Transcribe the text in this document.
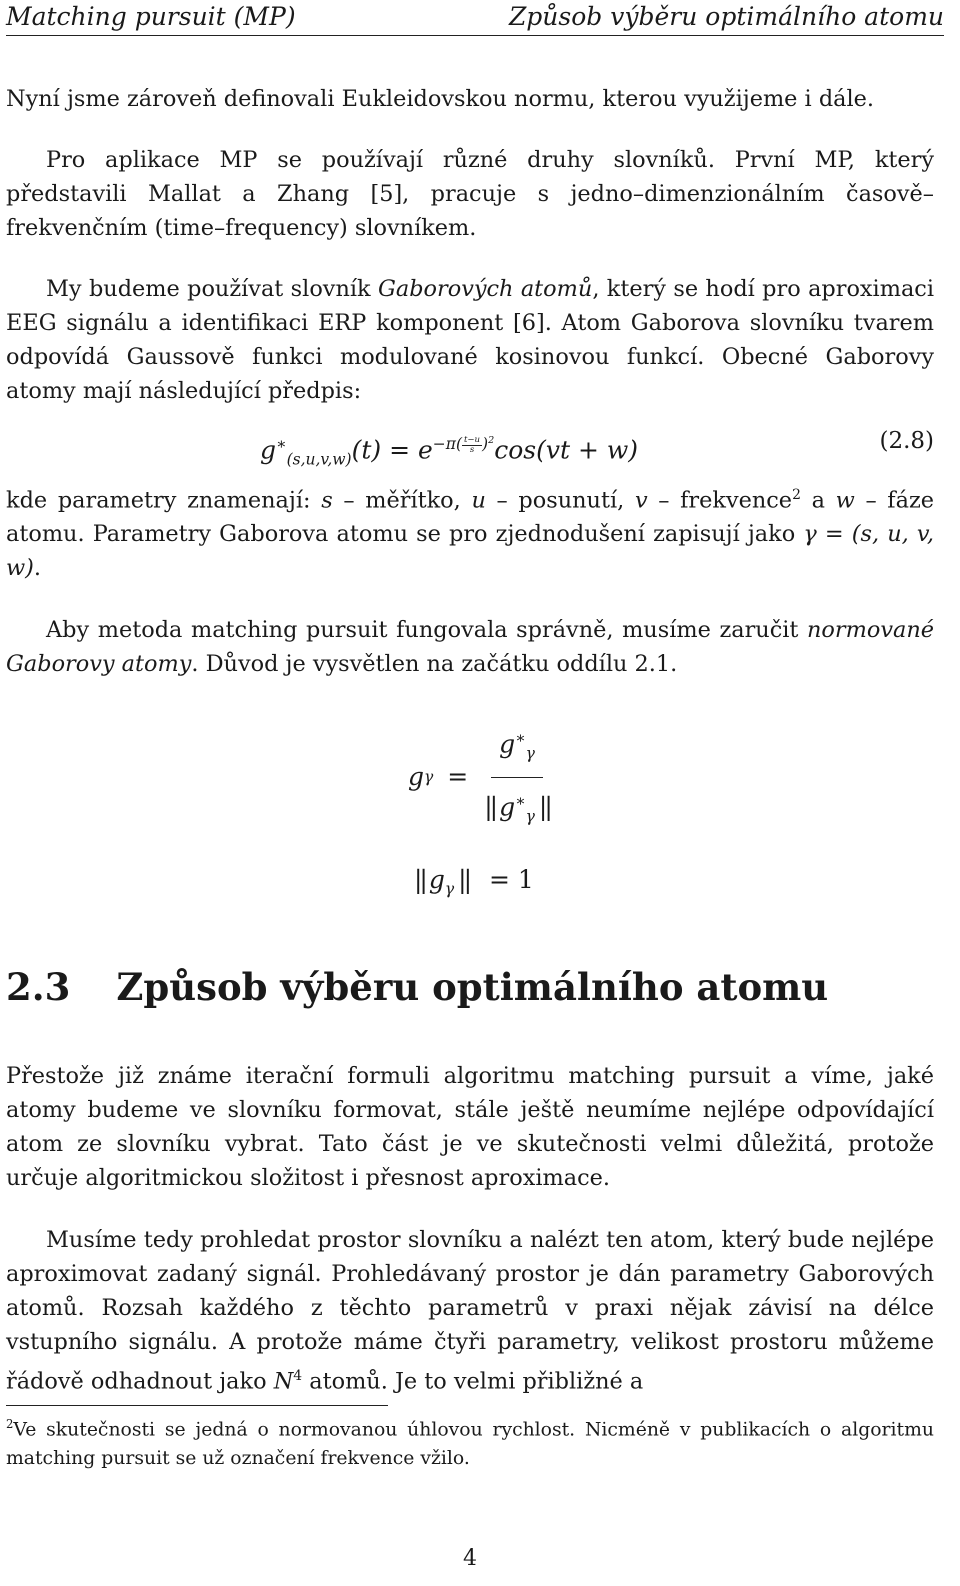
Matching pursuit (MP)	Způsob výběru optimálního atomu

Nyní jsme zároveň definovali Eukleidovskou normu, kterou využijeme i dále.

Pro aplikace MP se používají různé druhy slovníků. První MP, který představili Mallat a Zhang [5], pracuje s jedno–dimenzionálním časově–frekvenčním (time–frequency) slovníkem.

My budeme používat slovník Gaborových atomů, který se hodí pro aproximaci EEG signálu a identifikaci ERP komponent [6]. Atom Gaborova slovníku tvarem odpovídá Gaussově funkci modulované kosinovou funkcí. Obecné Gaborovy atomy mají následující předpis:

$g^∗_{(s,u,v,w)}(t) = e^{-\pi( \frac{t-u}{s} )^2}\cos(vt + w)$	(2.8)

kde parametry znamenají: s – měřítko, u – posunutí, v – frekvence$^2$ a w – fáze atomu. Parametry Gaborova atomu se pro zjednodušení zapisují jako γ = (s, u, v, w).

Aby metoda matching pursuit fungovala správně, musíme zaručit normované Gaborovy atomy. Důvod je vysvětlen na začátku oddílu 2.1.

g $\gamma = \frac{g^∗_\gamma}{|| g^∗_\gamma ||}$
|| $g_\gamma$ || = 1
2.3 Způsob výběru optimálního atomu

Přestože již známe iterační formuli algoritmu matching pursuit a víme, jaké atomy budeme ve slovníku formovat, stále ještě neumíme nejlépe odpovídající atom ze slovníku vybrat. Tato část je ve skutečnosti velmi důležitá, protože určuje algoritmickou složitost i přesnost aproximace.

Musíme tedy prohledat prostor slovníku a nalézt ten atom, který bude nejlépe aproximovat zadaný signál. Prohledávaný prostor je dán parametry Gaborových atomů. Rozsah každého z těchto parametrů v praxi nějak závisí na délce vstupního signálu. A protože máme čtyři parametry, velikost prostoru můžeme řádově odhadnout jako $N^4$ atomů. Je to velmi přibližné a

$^2$Ve skutečnosti se jedná o normovanou úhlovou rychlost. Nicméně v publikacích o algoritmu matching pursuit se už označení frekvence vžilo.
4
